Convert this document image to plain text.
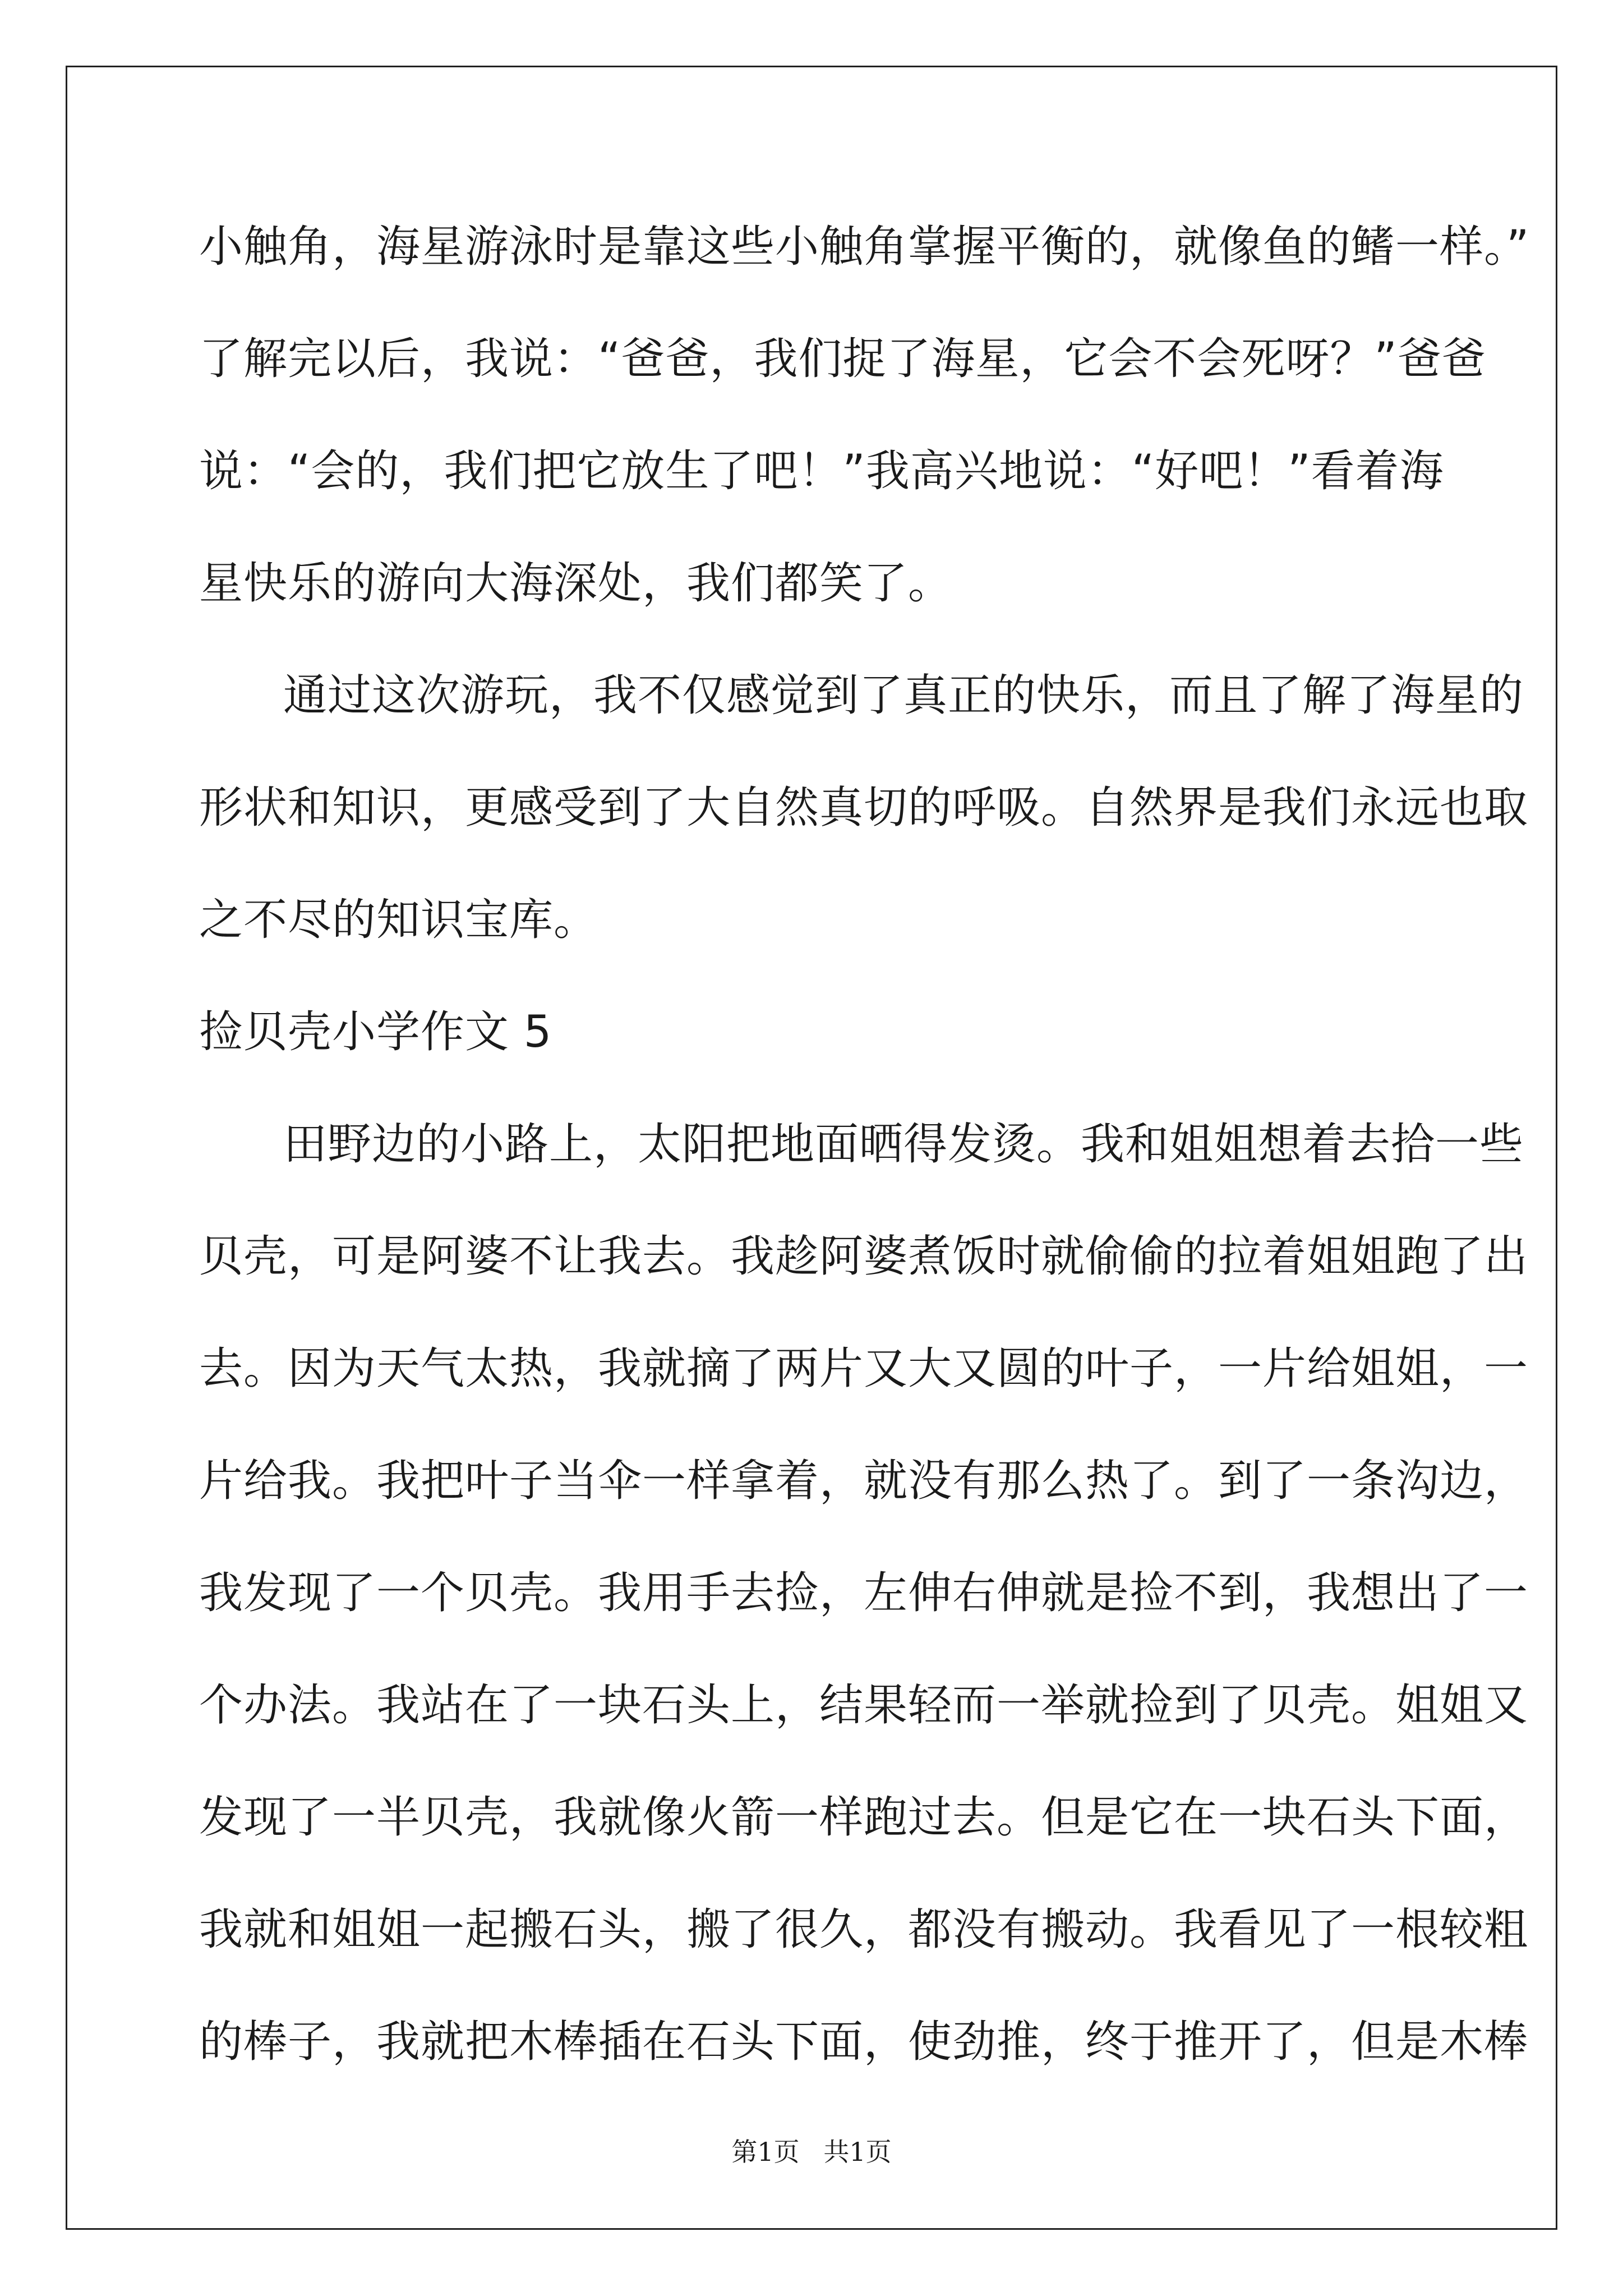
小触角，海星游泳时是靠这些小触角掌握平衡的，就像鱼的鳍一样。”
了解完以后，我说：“爸爸，我们捉了海星，它会不会死呀？”爸爸
说：“会的，我们把它放生了吧！”我高兴地说：“好吧！”看着海
星快乐的游向大海深处，我们都笑了。
通过这次游玩，我不仅感觉到了真正的快乐，而且了解了海星的
形状和知识，更感受到了大自然真切的呼吸。自然界是我们永远也取
之不尽的知识宝库。
捡贝壳小学作文 5
田野边的小路上，太阳把地面晒得发烫。我和姐姐想着去拾一些
贝壳，可是阿婆不让我去。我趁阿婆煮饭时就偷偷的拉着姐姐跑了出
去。因为天气太热，我就摘了两片又大又圆的叶子，一片给姐姐，一
片给我。我把叶子当伞一样拿着，就没有那么热了。到了一条沟边，
我发现了一个贝壳。我用手去捡，左伸右伸就是捡不到，我想出了一
个办法。我站在了一块石头上，结果轻而一举就捡到了贝壳。姐姐又
发现了一半贝壳，我就像火箭一样跑过去。但是它在一块石头下面，
我就和姐姐一起搬石头，搬了很久，都没有搬动。我看见了一根较粗
的棒子，我就把木棒插在石头下面，使劲推，终于推开了，但是木棒
第1页 共1页
